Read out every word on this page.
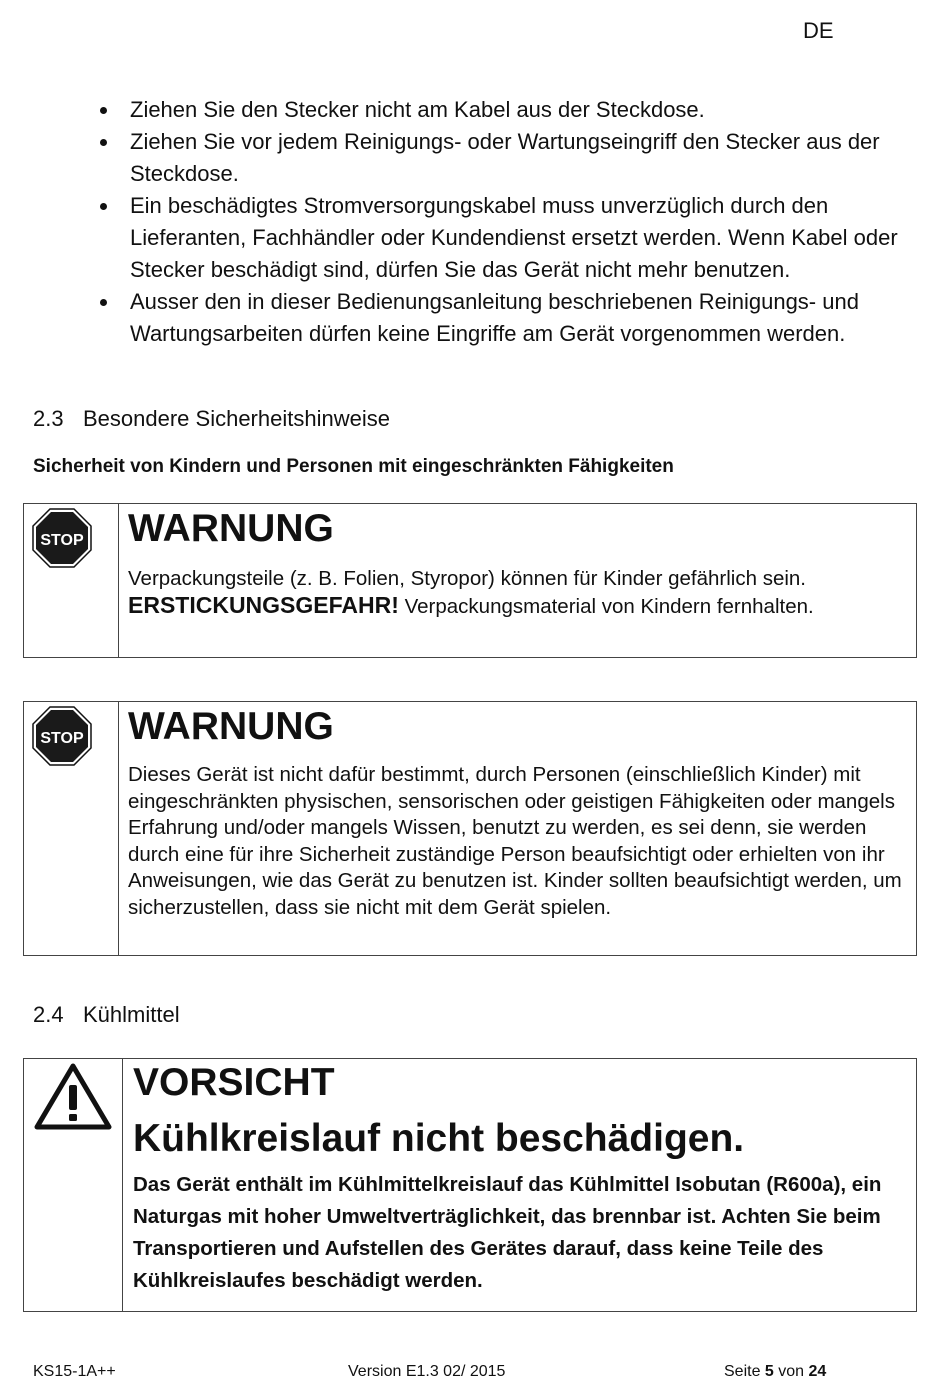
DE
Ziehen Sie den Stecker nicht am Kabel aus der Steckdose.
Ziehen Sie vor jedem Reinigungs- oder Wartungseingriff den Stecker aus der Steckdose.
Ein beschädigtes Stromversorgungskabel muss unverzüglich durch den Lieferanten, Fachhändler oder Kundendienst ersetzt werden. Wenn Kabel oder Stecker beschädigt sind, dürfen Sie das Gerät nicht mehr benutzen.
Ausser den in dieser Bedienungsanleitung beschriebenen Reinigungs- und Wartungsarbeiten dürfen keine Eingriffe am Gerät vorgenommen werden.
2.3 Besondere Sicherheitshinweise
Sicherheit von Kindern und Personen mit eingeschränkten Fähigkeiten
STOP WARNUNG
Verpackungsteile (z. B. Folien, Styropor) können für Kinder gefährlich sein.
ERSTICKUNGSGEFAHR! Verpackungsmaterial von Kindern fernhalten.
STOP WARNUNG
Dieses Gerät ist nicht dafür bestimmt, durch Personen (einschließlich Kinder) mit eingeschränkten physischen, sensorischen oder geistigen Fähigkeiten oder mangels Erfahrung und/oder mangels Wissen, benutzt zu werden, es sei denn, sie werden durch eine für ihre Sicherheit zuständige Person beaufsichtigt oder erhielten von ihr Anweisungen, wie das Gerät zu benutzen ist. Kinder sollten beaufsichtigt werden, um sicherzustellen, dass sie nicht mit dem Gerät spielen.
2.4 Kühlmittel
VORSICHT
Kühlkreislauf nicht beschädigen.
Das Gerät enthält im Kühlmittelkreislauf das Kühlmittel Isobutan (R600a), ein Naturgas mit hoher Umweltverträglichkeit, das brennbar ist. Achten Sie beim Transportieren und Aufstellen des Gerätes darauf, dass keine Teile des Kühlkreislaufes beschädigt werden.
KS15-1A++	Version E1.3 02/ 2015	Seite 5 von 24
